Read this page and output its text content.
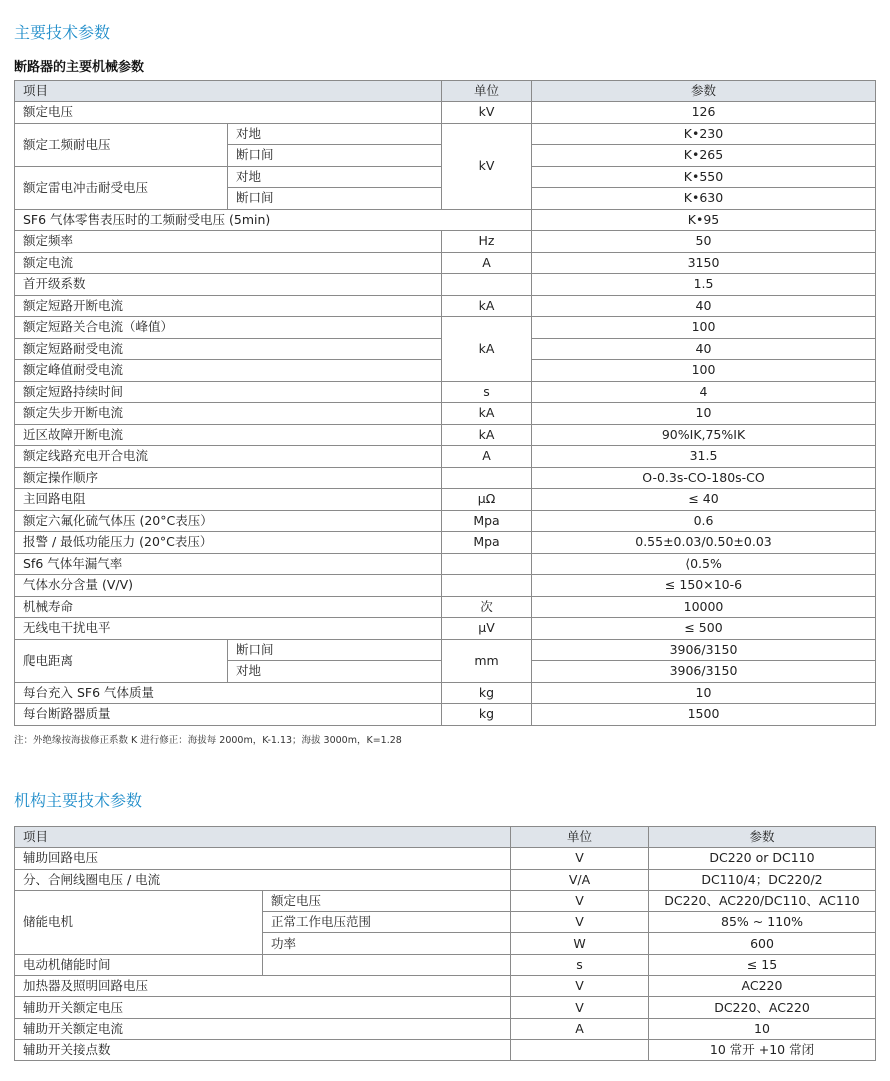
主要技术参数
断路器的主要机械参数
项目		单位	参数
额定电压		kV	126
额定工频耐电压	对地	kV	K•230
	断口间		K•265
额定雷电冲击耐受电压	对地		K•550
	断口间		K•630
SF6 气体零售表压时的工频耐受电压 (5min)			K•95
额定频率		Hz	50
额定电流		A	3150
首开级系数			1.5
额定短路开断电流		kA	40
额定短路关合电流（峰值）		kA	100
额定短路耐受电流			40
额定峰值耐受电流			100
额定短路持续时间		s	4
额定失步开断电流		kA	10
近区故障开断电流		kA	90%IK,75%IK
额定线路充电开合电流		A	31.5
额定操作顺序			O-0.3s-CO-180s-CO
主回路电阻		μΩ	≤ 40
额定六氟化硫气体压 (20°C表压）		Mpa	0.6
报警 / 最低功能压力 (20°C表压）		Mpa	0.55±0.03/0.50±0.03
Sf6 气体年漏气率			⟨0.5%
气体水分含量 (V/V)			≤ 150×10-6
机械寿命		次	10000
无线电干扰电平		μV	≤ 500
爬电距离	断口间	mm	3906/3150
	对地		3906/3150
每台充入 SF6 气体质量		kg	10
每台断路器质量		kg	1500
注：外绝缘按海拔修正系数 K 进行修正：海拔每 2000m，K-1.13；海拔 3000m，K=1.28
机构主要技术参数
项目		单位	参数
辅助回路电压		V	DC220 or DC110
分、合闸线圈电压 / 电流		V/A	DC110/4；DC220/2
储能电机	额定电压	V	DC220、AC220/DC110、AC110
	正常工作电压范围	V	85% ~ 110%
	功率	W	600
电动机储能时间		s	≤ 15
加热器及照明回路电压		V	AC220
辅助开关额定电压		V	DC220、AC220
辅助开关额定电流		A	10
辅助开关接点数			10 常开 +10 常闭
